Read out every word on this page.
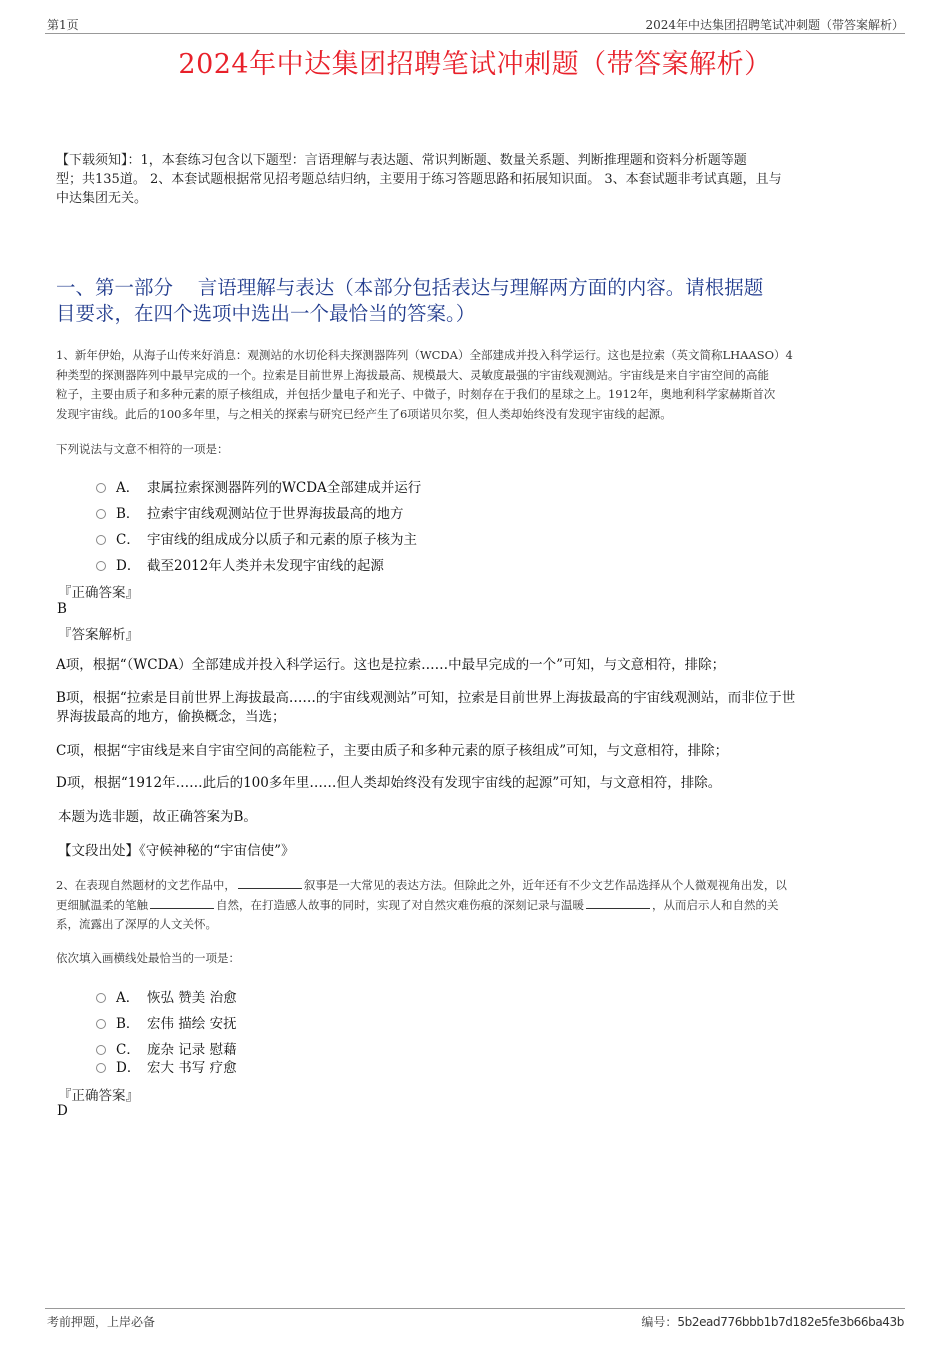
第1页	2024年中达集团招聘笔试冲刺题（带答案解析）
2024年中达集团招聘笔试冲刺题（带答案解析）
【下载须知】：1，本套练习包含以下题型：言语理解与表达题、常识判断题、数量关系题、判断推理题和资料分析题等题
型；共135道。 2、本套试题根据常见招考题总结归纳，主要用于练习答题思路和拓展知识面。 3、本套试题非考试真题，且与
中达集团无关。
一、第一部分    言语理解与表达（本部分包括表达与理解两方面的内容。请根据题
目要求，在四个选项中选出一个最恰当的答案。）
1、新年伊始，从海子山传来好消息：观测站的水切伦科夫探测器阵列（WCDA）全部建成并投入科学运行。这也是拉索（英文简称LHAASO）4
种类型的探测器阵列中最早完成的一个。拉索是目前世界上海拔最高、规模最大、灵敏度最强的宇宙线观测站。宇宙线是来自宇宙空间的高能
粒子，主要由质子和多种元素的原子核组成，并包括少量电子和光子、中微子，时刻存在于我们的星球之上。1912年，奥地利科学家赫斯首次
发现宇宙线。此后的100多年里，与之相关的探索与研究已经产生了6项诺贝尔奖，但人类却始终没有发现宇宙线的起源。
下列说法与文意不相符的一项是：
A． 隶属拉索探测器阵列的WCDA全部建成并运行
B． 拉索宇宙线观测站位于世界海拔最高的地方
C． 宇宙线的组成成分以质子和元素的原子核为主
D． 截至2012年人类并未发现宇宙线的起源
『正确答案』
B
『答案解析』
A项，根据“（WCDA）全部建成并投入科学运行。这也是拉索……中最早完成的一个”可知，与文意相符，排除；
B项，根据“拉索是目前世界上海拔最高……的宇宙线观测站”可知，拉索是目前世界上海拔最高的宇宙线观测站，而非位于世
界海拔最高的地方，偷换概念，当选；
C项，根据“宇宙线是来自宇宙空间的高能粒子，主要由质子和多种元素的原子核组成”可知，与文意相符，排除；
D项，根据“1912年……此后的100多年里……但人类却始终没有发现宇宙线的起源”可知，与文意相符，排除。
本题为选非题，故正确答案为B。
【文段出处】《守候神秘的“宇宙信使”》
2、在表现自然题材的文艺作品中，	叙事是一大常见的表达方法。但除此之外，近年还有不少文艺作品选择从个人微观视角出发，以
更细腻温柔的笔触	自然，在打造感人故事的同时，实现了对自然灾难伤痕的深刻记录与温暖	，从而启示人和自然的关
系，流露出了深厚的人文关怀。
依次填入画横线处最恰当的一项是：
A． 恢弘 赞美 治愈
B． 宏伟 描绘 安抚
C． 庞杂 记录 慰藉
D． 宏大 书写 疗愈
『正确答案』
D
考前押题，上岸必备	编号：5b2ead776bbb1b7d182e5fe3b66ba43b
